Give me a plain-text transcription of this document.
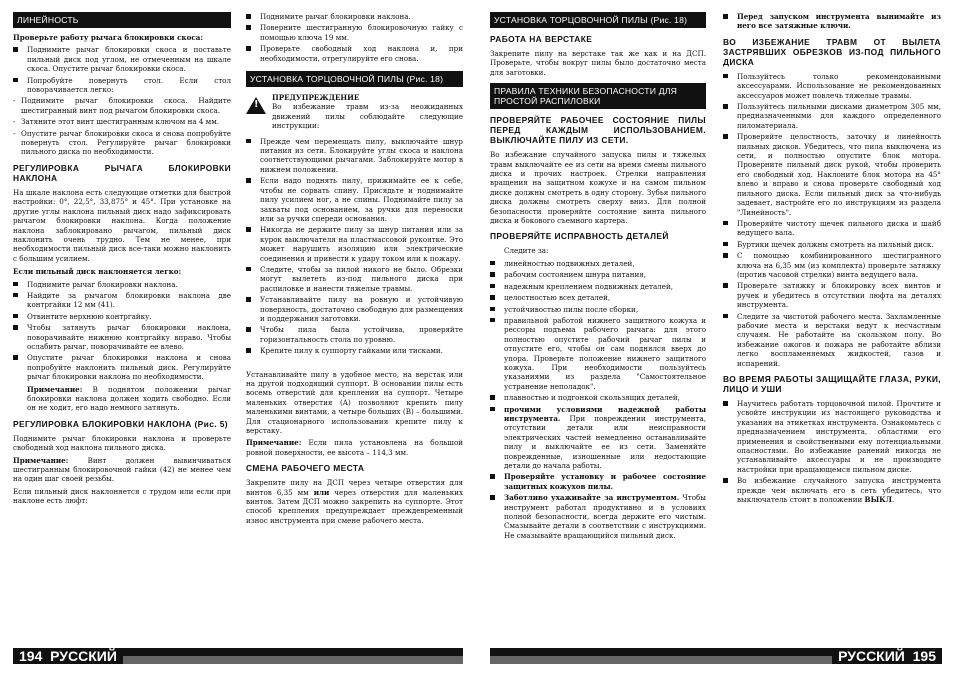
ЛИНЕЙНОСТЬ
Проверьте работу рычага блокировки скоса:
Поднимите рычаг блокировки скоса и поставьте пильный диск под углом, не отмеченным на шкале скоса. Опустите рычаг блокировки скоса.
Попробуйте повернуть стол. Если стол поворачивается легко:
- Поднимите рычаг блокировки скоса. Найдите шестигранный винт под рычагом блокировки скоса.
- Затяните этот винт шестигранным ключом на 4 мм.
- Опустите рычаг блокировки скоса и снова попробуйте повернуть стол. Регулируйте рычаг блокировки пильного диска по необходимости.
РЕГУЛИРОВКА РЫЧАГА БЛОКИРОВКИ НАКЛОНА

На шкале наклона есть следующие отметки для быстрой настройки: 0°, 22,5°, 33,875° и 45°. При установке на другие углы наклона пильный диск надо зафиксировать рычагом блокировки наклона. Когда положение наклона заблокировано рычагом, пильный диск наклонить очень трудно. Тем не менее, при необходимости пильный диск все-таки можно наклонить с большим усилием.

Если пильный диск наклоняется легко:
Поднимите рычаг блокировки наклона.
Найдите за рычагом блокировки наклона две контргайки 12 мм (41).
Отвинтите верхнюю контргайку.
Чтобы затянуть рычаг блокировки наклона, поворачивайте нижнюю контргайку вправо. Чтобы ослабить рычаг, поворачивайте ее влево.
Опустите рычаг блокировки наклона и снова попробуйте наклонить пильный диск. Регулируйте рычаг блокировки наклона по необходимости.

Примечание: В поднятом положении рычаг блокировки наклона должен ходить свободно. Если он не ходит, его надо немного затянуть.

РЕГУЛИРОВКА БЛОКИРОВКИ НАКЛОНА (Рис. 5)

Поднимите рычаг блокировки наклона и проверьте свободный ход наклона пильного диска.

Примечание: Винт должен вывинчиваться шестигранным блокировочной гайки (42) не менее чем на один шаг своей резьбы.

Если пильный диск наклоняется с трудом или если при наклоне есть люфт:

Поднимите рычаг блокировки наклона.
Поверните шестигранную блокировочную гайку с помощью ключа 19 мм.
Проверьте свободный ход наклона и, при необходимости, отрегулируйте его снова.
УСТАНОВКА ТОРЦОВОЧНОЙ ПИЛЫ (Рис. 18)
!
ПРЕДУПРЕЖДЕНИЕ
Во избежание травм из-за неожиданных движений пилы соблюдайте следующие инструкции:
Прежде чем перемещать пилу, выключайте шнур питания из сети. Блокируйте углы скоса и наклона соответствующими рычагами. Заблокируйте мотор в нижнем положении.
Если надо поднять пилу, прижимайте ее к себе, чтобы не сорвать спину. Присядьте и поднимайте пилу усилием ног, а не спины. Поднимайте пилу за захваты под основанием, за ручки для переноски или за ручки спереди основания.
Никогда не держите пилу за шнур питания или за курок выключателя на пластмассовой рукоятке. Это может нарушить изоляцию или электрические соединения и привести к удару током или к пожару.
Следите, чтобы за пилой никого не было. Обрезки могут вылететь из-под пильного диска при распиловке и нанести тяжелые травмы.
Устанавливайте пилу на ровную и устойчивую поверхность, достаточно свободную для размещения и поддержания заготовки.
Чтобы пила была устойчива, проверяйте горизонтальность стола по уровню.
Крепите пилу к суппорту гайками или тисками.

Устанавливайте пилу в удобное место, на верстак или на другой подходящий суппорт. В основании пилы есть восемь отверстий для крепления на суппорт. Четыре маленьких отверстия (A) позволяют крепить пилу маленькими винтами, а четыре больших (B) – большими. Для стационарного использования крепите пилу к верстаку.

Примечание: Если пила установлена на большой ровной поверхности, ее высота – 114,3 мм.

СМЕНА РАБОЧЕГО МЕСТА

Закрепите пилу на ДСП через четыре отверстия для винтов 6,35 мм или через отверстия для маленьких винтов. Затем ДСП можно закрепить на суппорте. Этот способ крепления предупреждает преждевременный износ инструмента при смене рабочего места.

УСТАНОВКА ТОРЦОВОЧНОЙ ПИЛЫ (Рис. 18)
РАБОТА НА ВЕРСТАКЕ

Закрепите пилу на верстаке так же как и на ДСП. Проверьте, чтобы вокруг пилы было достаточно места для заготовки.

ПРАВИЛА ТЕХНИКИ БЕЗОПАСНОСТИ ДЛЯ ПРОСТОЙ РАСПИЛОВКИ
ПРОВЕРЯЙТЕ РАБОЧЕЕ СОСТОЯНИЕ ПИЛЫ ПЕРЕД КАЖДЫМ ИСПОЛЬЗОВАНИЕМ. ВЫКЛЮЧАЙТЕ ПИЛУ ИЗ СЕТИ.

Во избежание случайного запуска пилы и тяжелых травм выключайте ее из сети на время смены пильного диска и прочих настроек. Стрелки направления вращения на защитном кожухе и на самом пильном диске должны смотреть в одну сторону. Зубья пильного диска должны смотреть сверху вниз. Для полной безопасности проверяйте состояние винта пильного диска и бокового съемного картера.

ПРОВЕРЯЙТЕ ИСПРАВНОСТЬ ДЕТАЛЕЙ

Следите за:

линейностью подвижных деталей,
рабочим состоянием шнура питания,
надежным креплением подвижных деталей,
целостностью всех деталей,
устойчивостью пилы после сборки,
правильной работой нижнего защитного кожуха и рессоры подъема рабочего рычага: для этого полностью опустите рабочий рычаг пилы и отпустите его, чтобы он сам поднялся вверх до упора. Проверьте положение нижнего защитного кожуха. При необходимости пользуйтесь указаниями из раздела "Самостоятельное устранение неполадок".
плавностью и подгонкой скользящих деталей,
прочими условиями надежной работы инструмента. При повреждении инструмента, отсутствии детали или неисправности электрических частей немедленно останавливайте пилу и выключайте ее из сети. Заменяйте поврежденные, изношенные или недостающие детали до начала работы.
Проверяйте установку и рабочее состояние защитных кожухов пилы.
Заботливо ухаживайте за инструментом. Чтобы инструмент работал продуктивно и в условиях полной безопасности, всегда держите его чистым. Смазывайте детали в соответствии с инструкциями. Не смазывайте вращающийся пильный диск.
Перед запуском инструмента вынимайте из него все затяжные ключи.
ВО ИЗБЕЖАНИЕ ТРАВМ ОТ ВЫЛЕТА ЗАСТРЯВШИХ ОБРЕЗКОВ ИЗ-ПОД ПИЛЬНОГО ДИСКА
Пользуйтесь только рекомендованными аксессуарами. Использование не рекомендованных аксессуаров может повлечь тяжелые травмы.
Пользуйтесь пильными дисками диаметром 305 мм, предназначенными для каждого определенного пиломатериала.
Проверяйте целостность, заточку и линейность пильных дисков. Убедитесь, что пила выключена из сети, и полностью опустите блок мотора. Проверните пильный диск рукой, чтобы проверить его свободный ход. Наклоните блок мотора на 45° влево и вправо и снова проверьте свободный ход пильного диска. Если пильный диск за что-нибудь задевает, настройте его по инструкциям из раздела "Линейность".
Проверяйте чистоту щечек пильного диска и шайб ведущего вала.
Буртики щечек должны смотреть на пильный диск.
С помощью комбинированного шестигранного ключа на 6,35 мм (из комплекта) проверьте затяжку (против часовой стрелки) винта ведущего вала.
Проверьте затяжку и блокировку всех винтов и ручек и убедитесь в отсутствии люфта на деталях инструмента.
Следите за чистотой рабочего места. Захламленные рабочие места и верстаки ведут к несчастным случаям. Не работайте на скользком полу. Во избежание ожогов и пожара не работайте вблизи легко воспламеняемых жидкостей, газов и испарений.
ВО ВРЕМЯ РАБОТЫ ЗАЩИЩАЙТЕ ГЛАЗА, РУКИ, ЛИЦО И УШИ
Научитесь работать торцовочной пилой. Прочтите и усвойте инструкции из настоящего руководства и указания на этикетках инструмента. Ознакомьтесь с предназначением инструмента, областями его применения и свойственными ему потенциальными опасностями. Во избежание ранений никогда не устанавливайте аксессуары и не производите настройки при вращающемся пильном диске.
Во избежание случайного запуска инструмента прежде чем включать его в сеть убедитесь, что выключатель стоит в положении ВЫКЛ.
194 РУССКИЙ	РУССКИЙ 195
